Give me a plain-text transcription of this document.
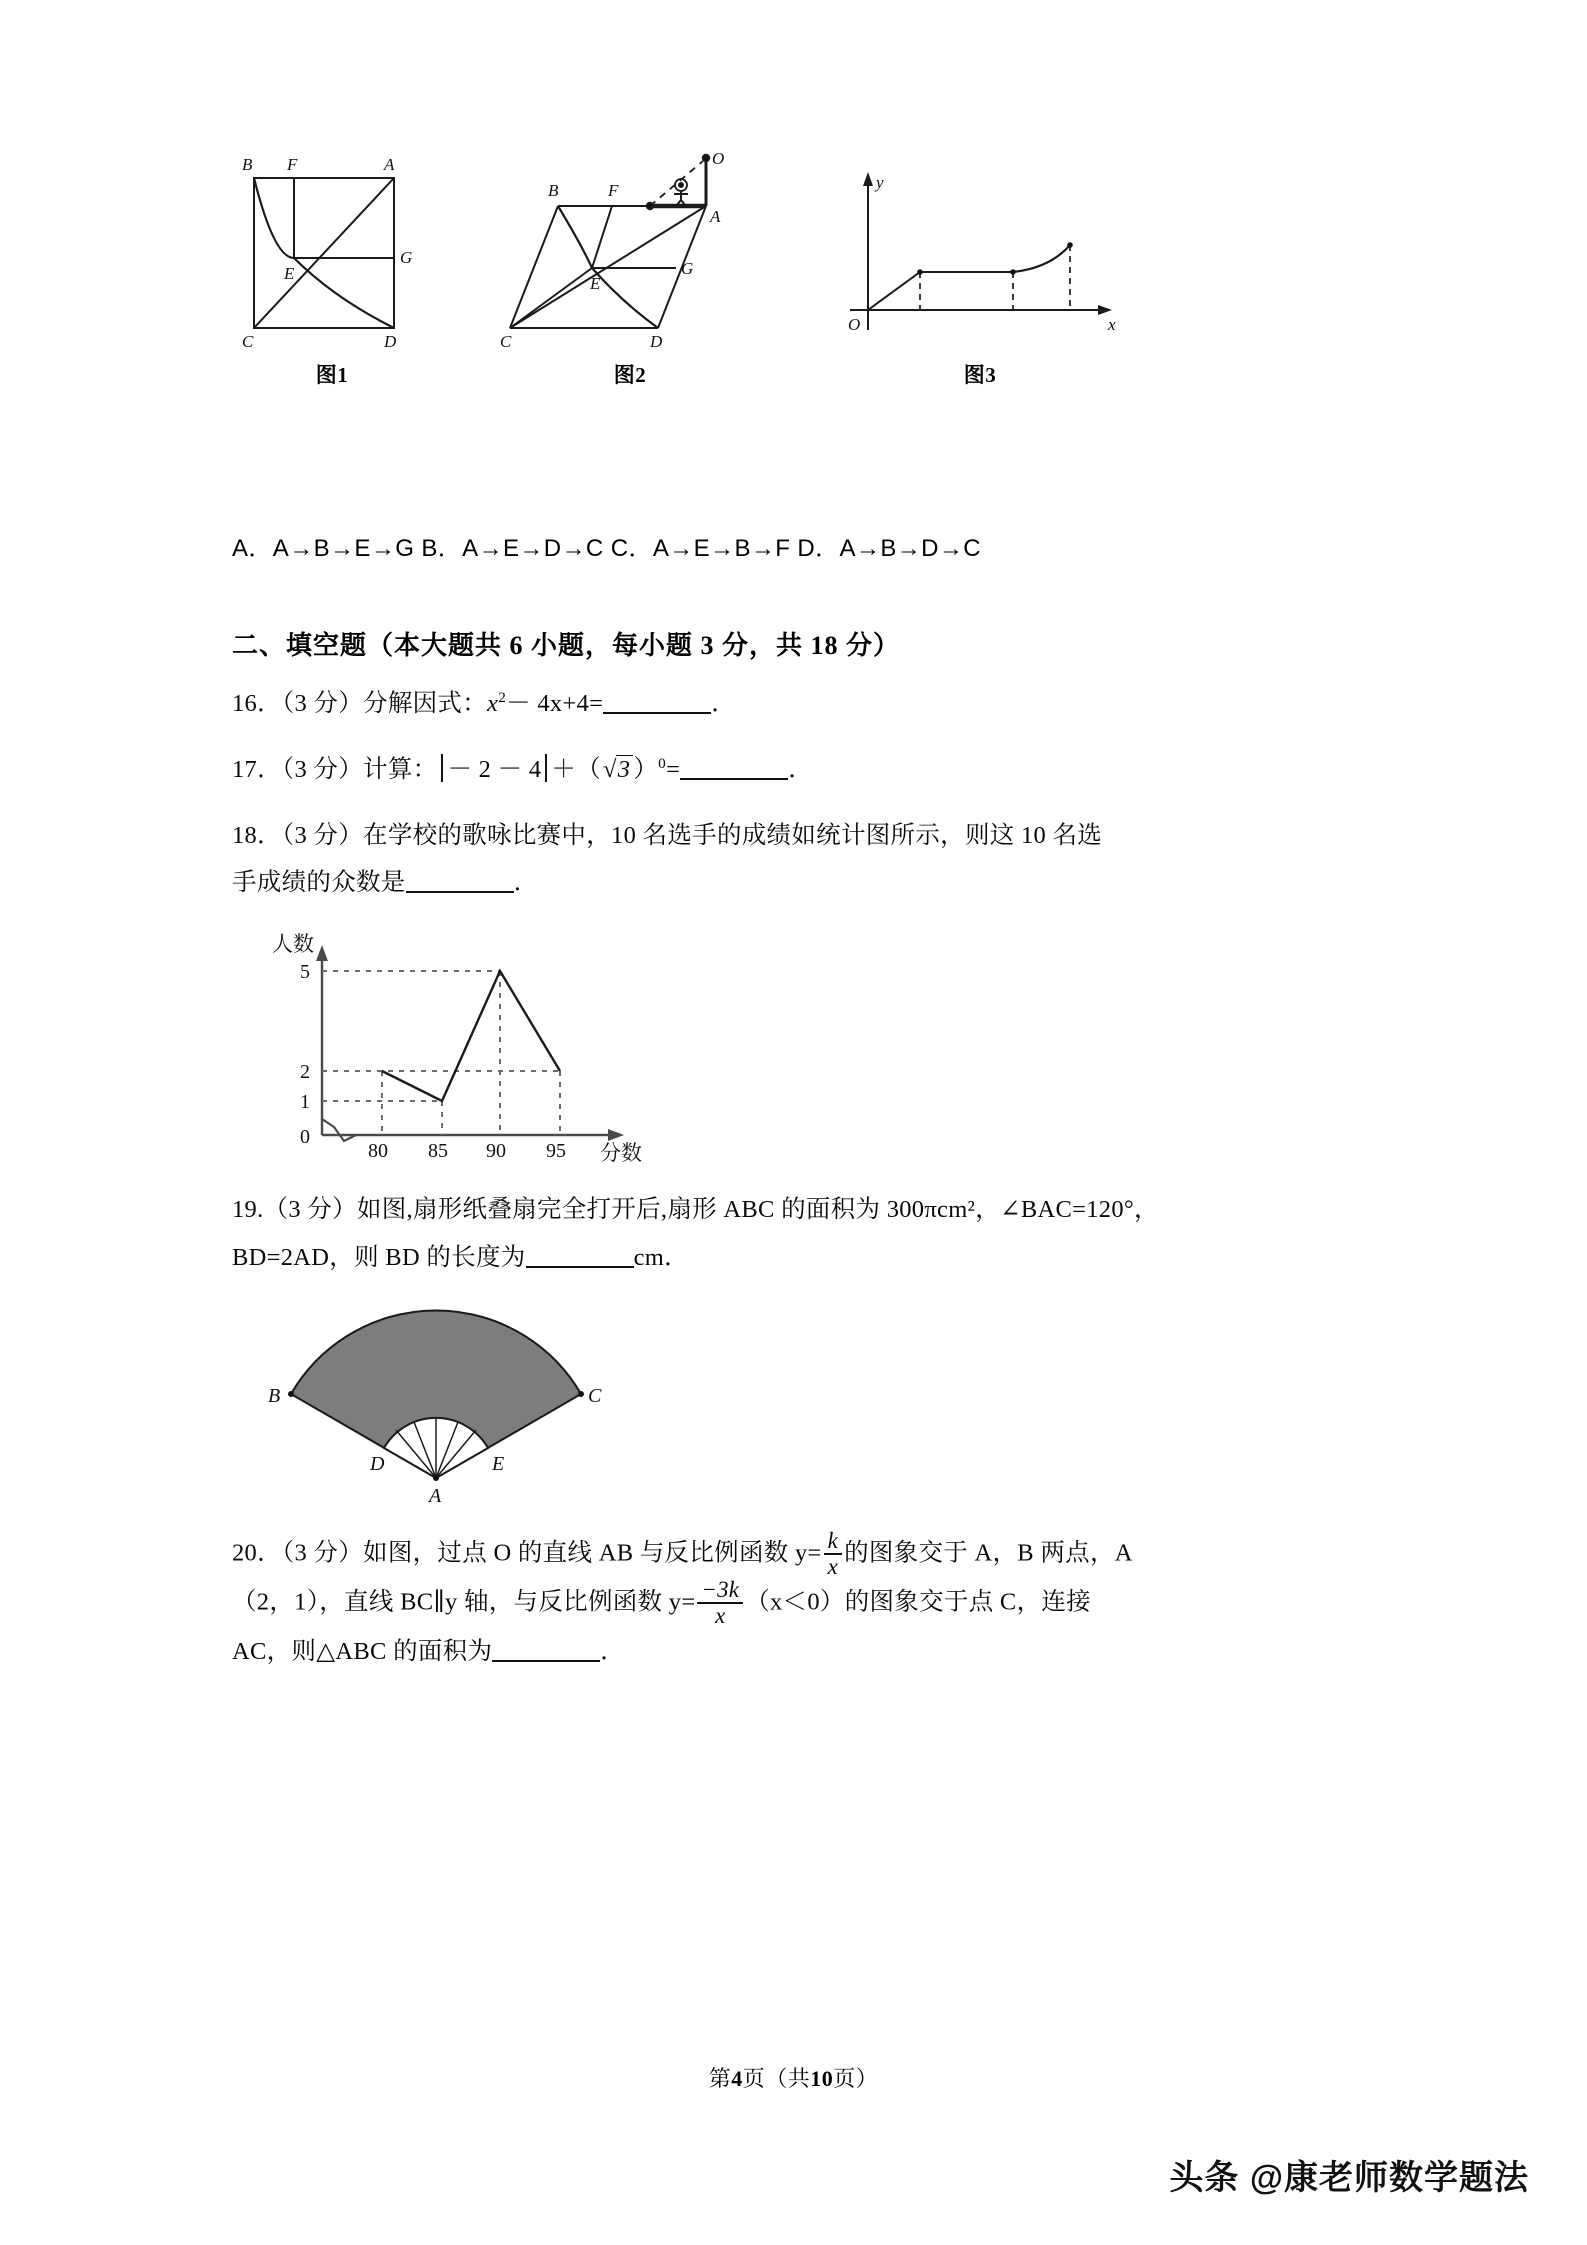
B F	A
G
E
C	D
图1
B	F
O
A
G
E
C	D
图2
y
O	x
图3
A．A→B→E→G B．A→E→D→C C．A→E→B→F D．A→B→D→C
二、填空题（本大题共 6 小题，每小题 3 分，共 18 分）
16．（3 分）分解因式：$x^2- 4x+4=$	．
17．（3 分）计算： － 2 － 4 ＋（√3 ）$^0$=	．
18．（3 分）在学校的歌咏比赛中，10 名选手的成绩如统计图所示，则这 10 名选
手成绩的众数是	．
5
2
1
0
80 85 90 95
人数
分数
19.（3 分）如图,扇形纸叠扇完全打开后,扇形 ABC 的面积为 300πcm²，∠BAC=120°，
BD=2AD，则 BD 的长度为	cm．
B	C
D	E
A
20．（3 分）如图，过点 O 的直线 AB 与反比例函数 $y= \frac{k}{x}$ 的图象交于 A，B 两点，A
（2，1），直线 BC∥y 轴，与反比例函数 $y= \frac{-3k}{x} (x<0)$的图象交于点 C，连接
AC，则△ABC 的面积为	．
第4页（共10页）
头条 @康老师数学题法
